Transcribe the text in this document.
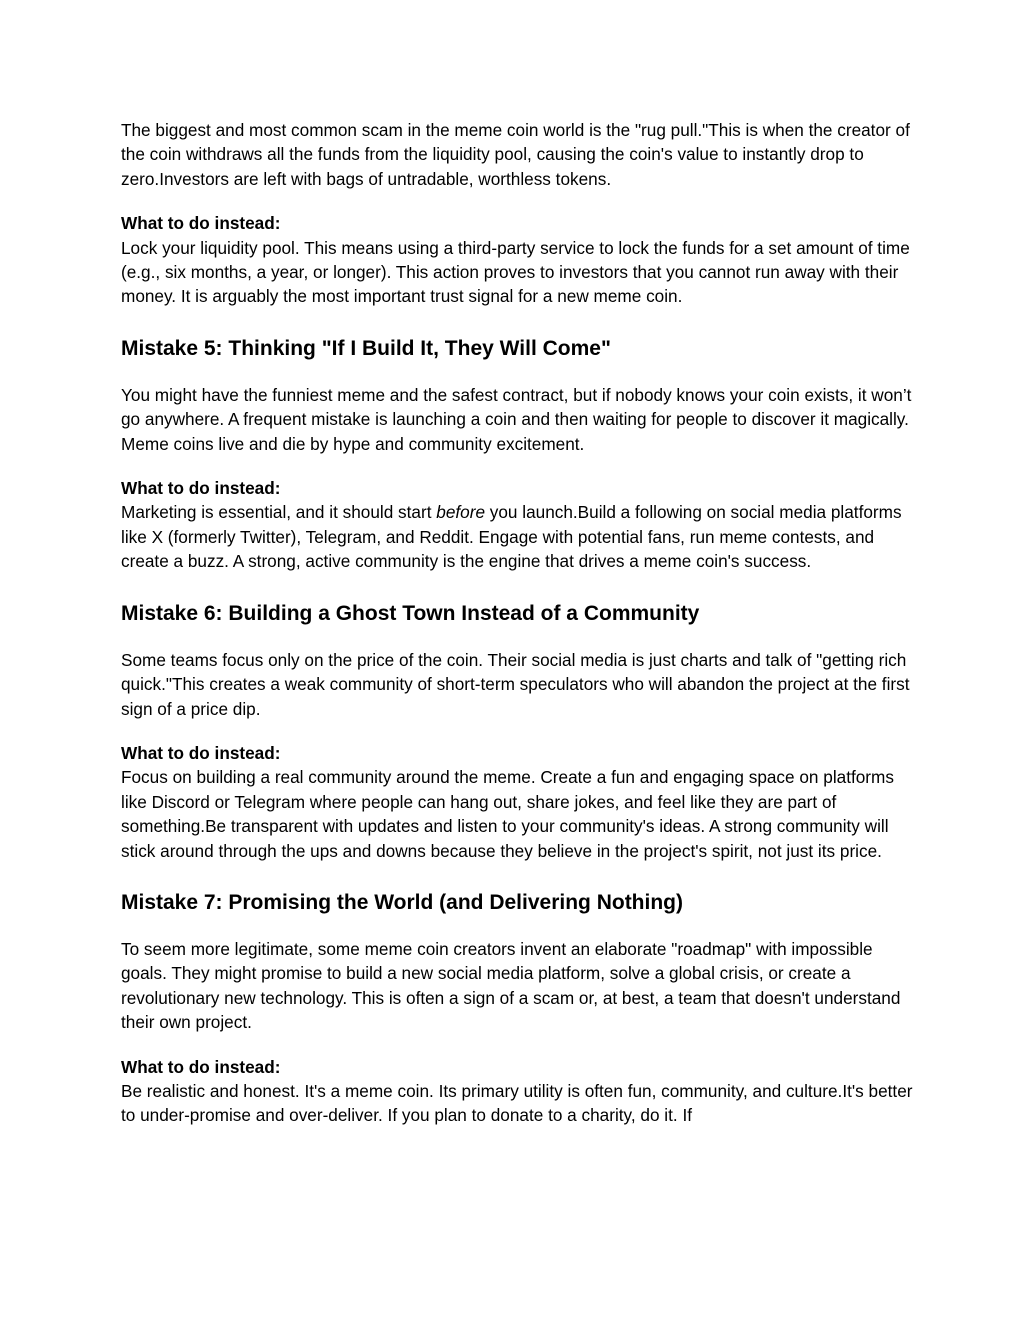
The biggest and most common scam in the meme coin world is the "rug pull."This is when the creator of the coin withdraws all the funds from the liquidity pool, causing the coin's value to instantly drop to zero.Investors are left with bags of untradable, worthless tokens.

What to do instead:
Lock your liquidity pool. This means using a third-party service to lock the funds for a set amount of time (e.g., six months, a year, or longer). This action proves to investors that you cannot run away with their money. It is arguably the most important trust signal for a new meme coin.

Mistake 5: Thinking "If I Build It, They Will Come"

You might have the funniest meme and the safest contract, but if nobody knows your coin exists, it won’t go anywhere. A frequent mistake is launching a coin and then waiting for people to discover it magically. Meme coins live and die by hype and community excitement.

What to do instead:
Marketing is essential, and it should start before you launch.Build a following on social media platforms like X (formerly Twitter), Telegram, and Reddit. Engage with potential fans, run meme contests, and create a buzz. A strong, active community is the engine that drives a meme coin's success.

Mistake 6: Building a Ghost Town Instead of a Community

Some teams focus only on the price of the coin. Their social media is just charts and talk of "getting rich quick."This creates a weak community of short-term speculators who will abandon the project at the first sign of a price dip.

What to do instead:
Focus on building a real community around the meme. Create a fun and engaging space on platforms like Discord or Telegram where people can hang out, share jokes, and feel like they are part of something.Be transparent with updates and listen to your community's ideas. A strong community will stick around through the ups and downs because they believe in the project's spirit, not just its price.

Mistake 7: Promising the World (and Delivering Nothing)

To seem more legitimate, some meme coin creators invent an elaborate "roadmap" with impossible goals. They might promise to build a new social media platform, solve a global crisis, or create a revolutionary new technology. This is often a sign of a scam or, at best, a team that doesn't understand their own project.

What to do instead:
Be realistic and honest. It's a meme coin. Its primary utility is often fun, community, and culture.It's better to under-promise and over-deliver. If you plan to donate to a charity, do it. If
